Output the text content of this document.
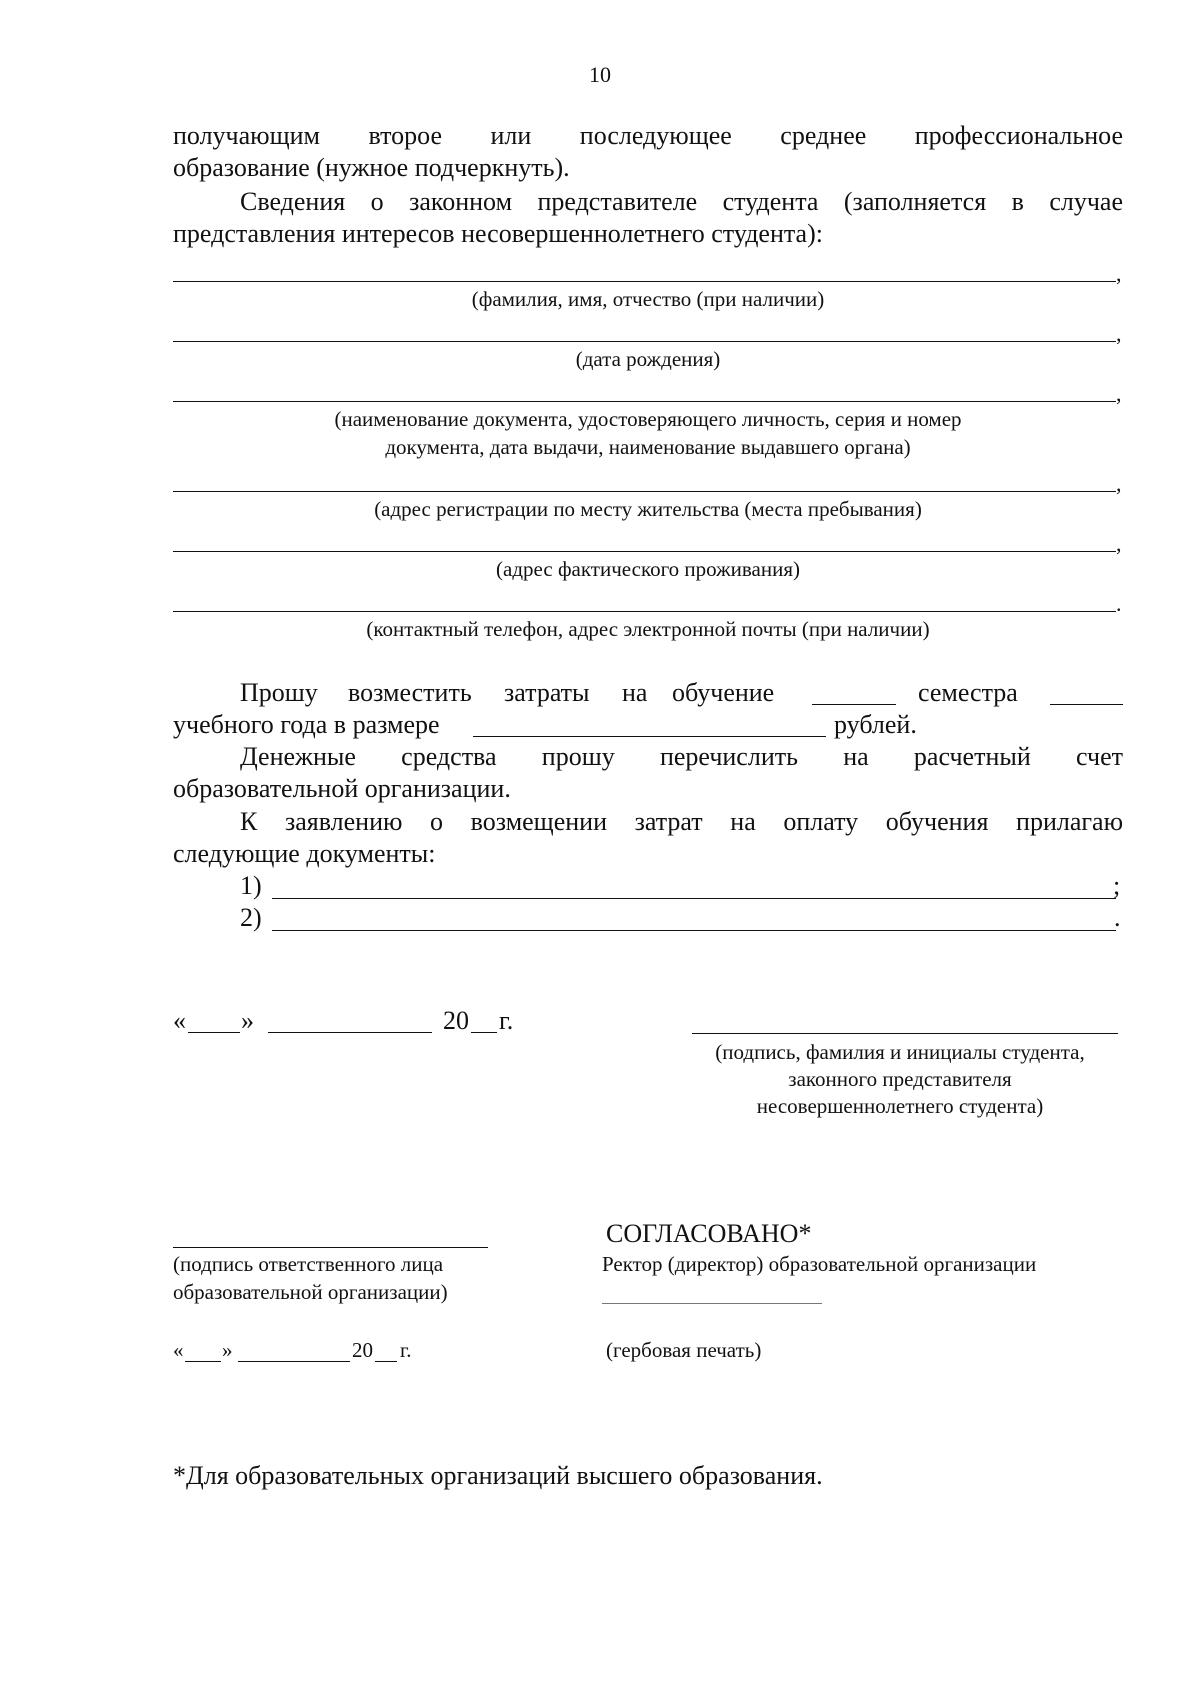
10
получающим второе или последующее среднее профессиональное
образование (нужное подчеркнуть).
Сведения о законном представителе студента (заполняется в случае
представления интересов несовершеннолетнего студента):
,
(фамилия, имя, отчество (при наличии)
,
(дата рождения)
,
(наименование документа, удостоверяющего личность, серия и номер
документа, дата выдачи, наименование выдавшего органа)
,
(адрес регистрации по месту жительства (места пребывания)
,
(адрес фактического проживания)
.
(контактный телефон, адрес электронной почты (при наличии)
Прошу возместить затраты на обучение	семестра
учебного года в размере	рублей.
Денежные средства прошу перечислить на расчетный счет
образовательной организации.
К заявлению о возмещении затрат на оплату обучения прилагаю
следующие документы:
1)	;
2)	.
« »	20 г.
(подпись, фамилия и инициалы студента,
законного представителя
несовершеннолетнего студента)
(подпись ответственного лица
образовательной организации)
СОГЛАСОВАНО*
Ректор (директор) образовательной организации
« »	20 г.	(гербовая печать)
*Для образовательных организаций высшего образования.
